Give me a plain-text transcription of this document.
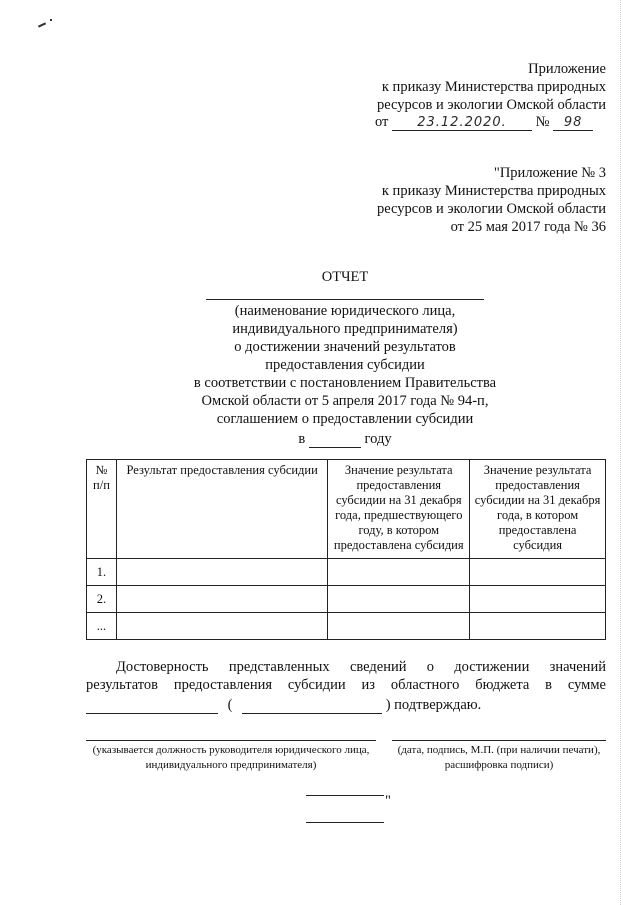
Приложение
к приказу Министерства природных
ресурсов и экологии Омской области
от 23.12.2020. № 98
"Приложение № 3
к приказу Министерства природных
ресурсов и экологии Омской области
от 25 мая 2017 года № 36
ОТЧЕТ
(наименование юридического лица,
индивидуального предпринимателя)
о достижении значений результатов
предоставления субсидии
в соответствии с постановлением Правительства
Омской области от 5 апреля 2017 года № 94-п,
соглашением о предоставлении субсидии
в	году
№ п/п	Результат предоставления субсидии	Значение результата предоставления субсидии на 31 декабря года, предшествующего году, в котором предоставлена субсидия	Значение результата предоставления субсидии на 31 декабря года, в котором предоставлена субсидия
1.			
2.			
...			
Достоверность представленных сведений о достижении значений
результатов предоставления субсидии из областного бюджета в сумме
(	) подтверждаю.
(указывается должность руководителя юридического лица,
индивидуального предпринимателя)
(дата, подпись, М.П. (при наличии печати),
расшифровка подписи)
"
